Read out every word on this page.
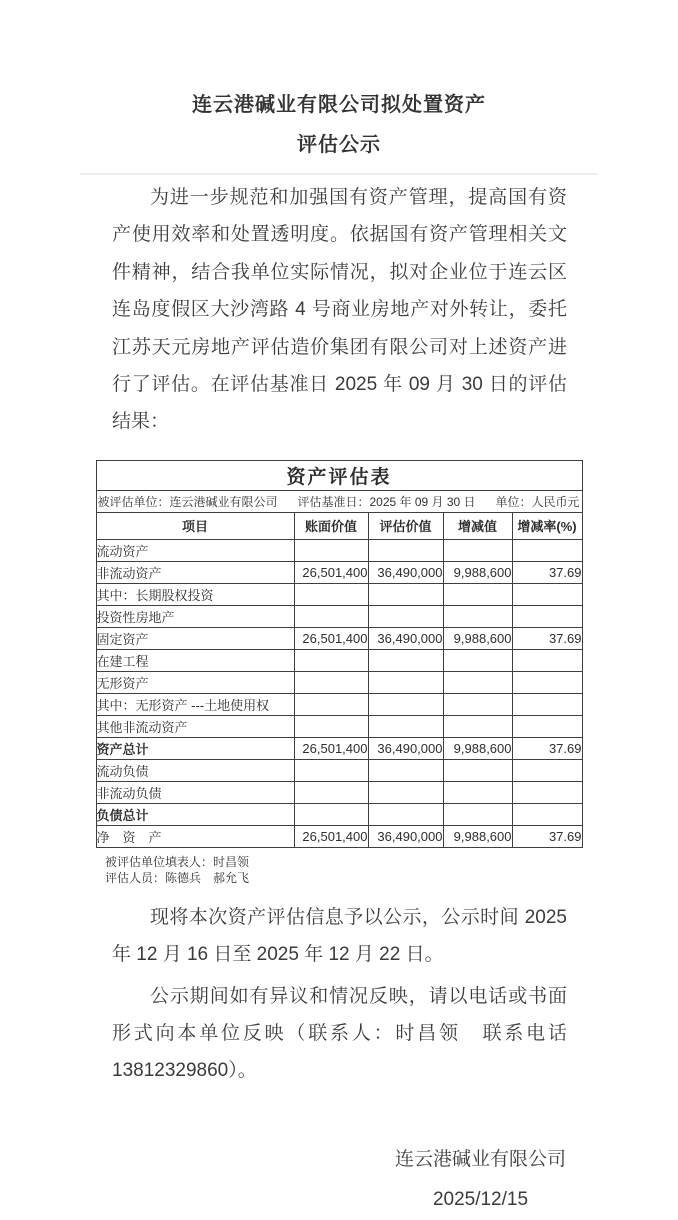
连云港碱业有限公司拟处置资产
评估公示

为进一步规范和加强国有资产管理，提高国有资产使用效率和处置透明度。依据国有资产管理相关文件精神，结合我单位实际情况，拟对企业位于连云区连岛度假区大沙湾路 4 号商业房地产对外转让，委托江苏天元房地产评估造价集团有限公司对上述资产进行了评估。在评估基准日 2025 年 09 月 30 日的评估结果：

资产评估表				

被评估单位：连云港碱业有限公司 评估基准日：2025 年 09 月 30 日 单位：人民币元				

项目	账面价值	评估价值	增减值	增减率(%)
流动资产				
非流动资产	26,501,400	36,490,000	9,988,600	37.69
其中：长期股权投资				
投资性房地产				
固定资产	26,501,400	36,490,000	9,988,600	37.69
在建工程				
无形资产				
其中：无形资产 ---土地使用权				
其他非流动资产				
资产总计	26,501,400	36,490,000	9,988,600	37.69
流动负债				
非流动负债				
负债总计				
净　资　产	26,501,400	36,490,000	9,988,600	37.69
被评估单位填表人：时昌领
评估人员：陈德兵　郝允飞

现将本次资产评估信息予以公示，公示时间 2025 年 12 月 16 日至 2025 年 12 月 22 日。

公示期间如有异议和情况反映，请以电话或书面形式向本单位反映（联系人：时昌领　联系电话　13812329860）。

连云港碱业有限公司
2025/12/15
